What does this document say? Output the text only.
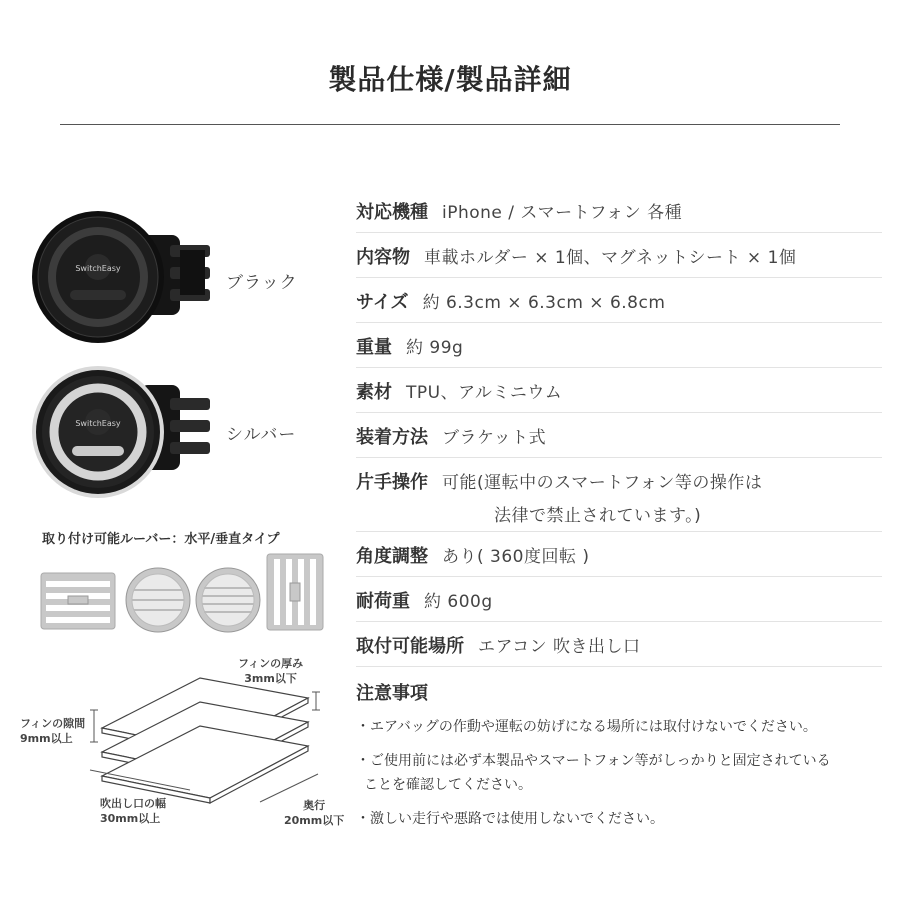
製品仕様/製品詳細
SwitchEasy
ブラック
SwitchEasy
シルバー
取り付け可能ルーバー：水平/垂直タイプ
フィンの厚み
3mm以下
フィンの隙間
9mm以上
吹出し口の幅
30mm以上
奥行
20mm以下
対応機種 iPhone / スマートフォン 各種
内容物 車載ホルダー × 1個、マグネットシート × 1個
サイズ 約 6.3cm × 6.3cm × 6.8cm
重量 約 99g
素材 TPU、アルミニウム
装着方法 ブラケット式
片手操作 可能(運転中のスマートフォン等の操作は
法律で禁止されています。)
角度調整 あり( 360度回転 )
耐荷重 約 600g
取付可能場所 エアコン 吹き出し口
注意事項
・エアバッグの作動や運転の妨げになる場所には取付けないでください。
・ご使用前には必ず本製品やスマートフォン等がしっかりと固定されている
ことを確認してください。
・激しい走行や悪路では使用しないでください。
